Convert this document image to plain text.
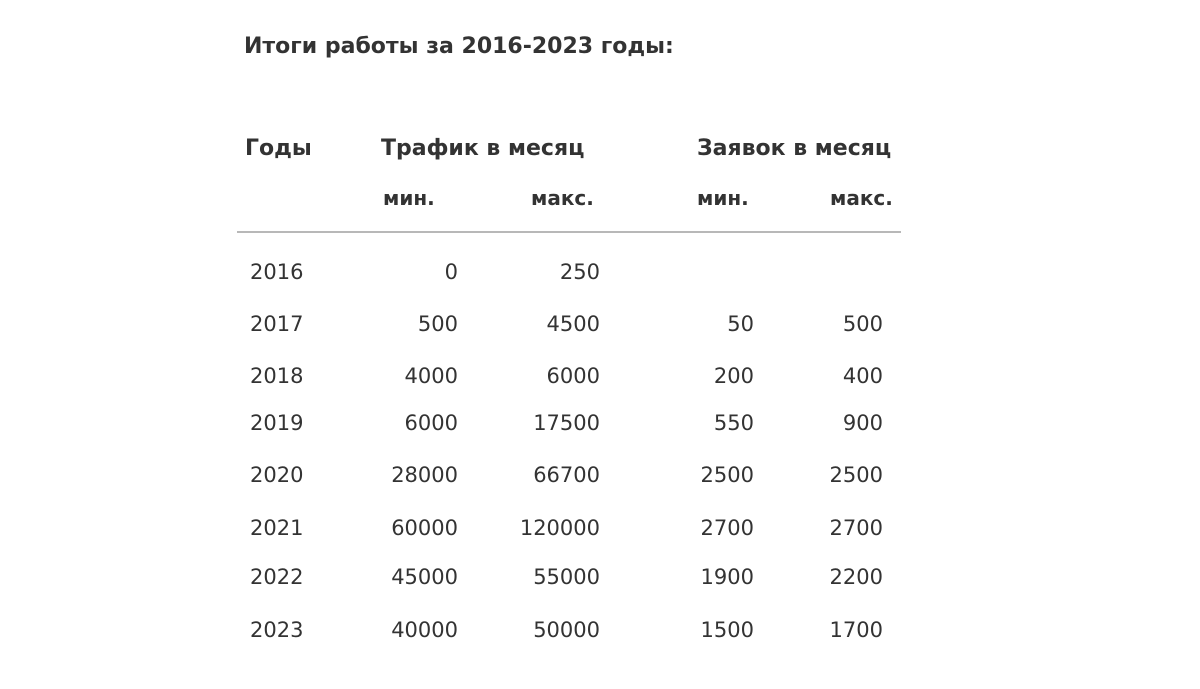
Итоги работы за 2016-2023 годы:
Годы	Трафик в месяц	Заявок в месяц
мин.	макс.	мин.	макс.
2016	0	250
2017	500	4500	50	500
2018	4000	6000	200	400
2019	6000	17500	550	900
2020	28000	66700	2500	2500
2021	60000	120000	2700	2700
2022	45000	55000	1900	2200
2023	40000	50000	1500	1700
